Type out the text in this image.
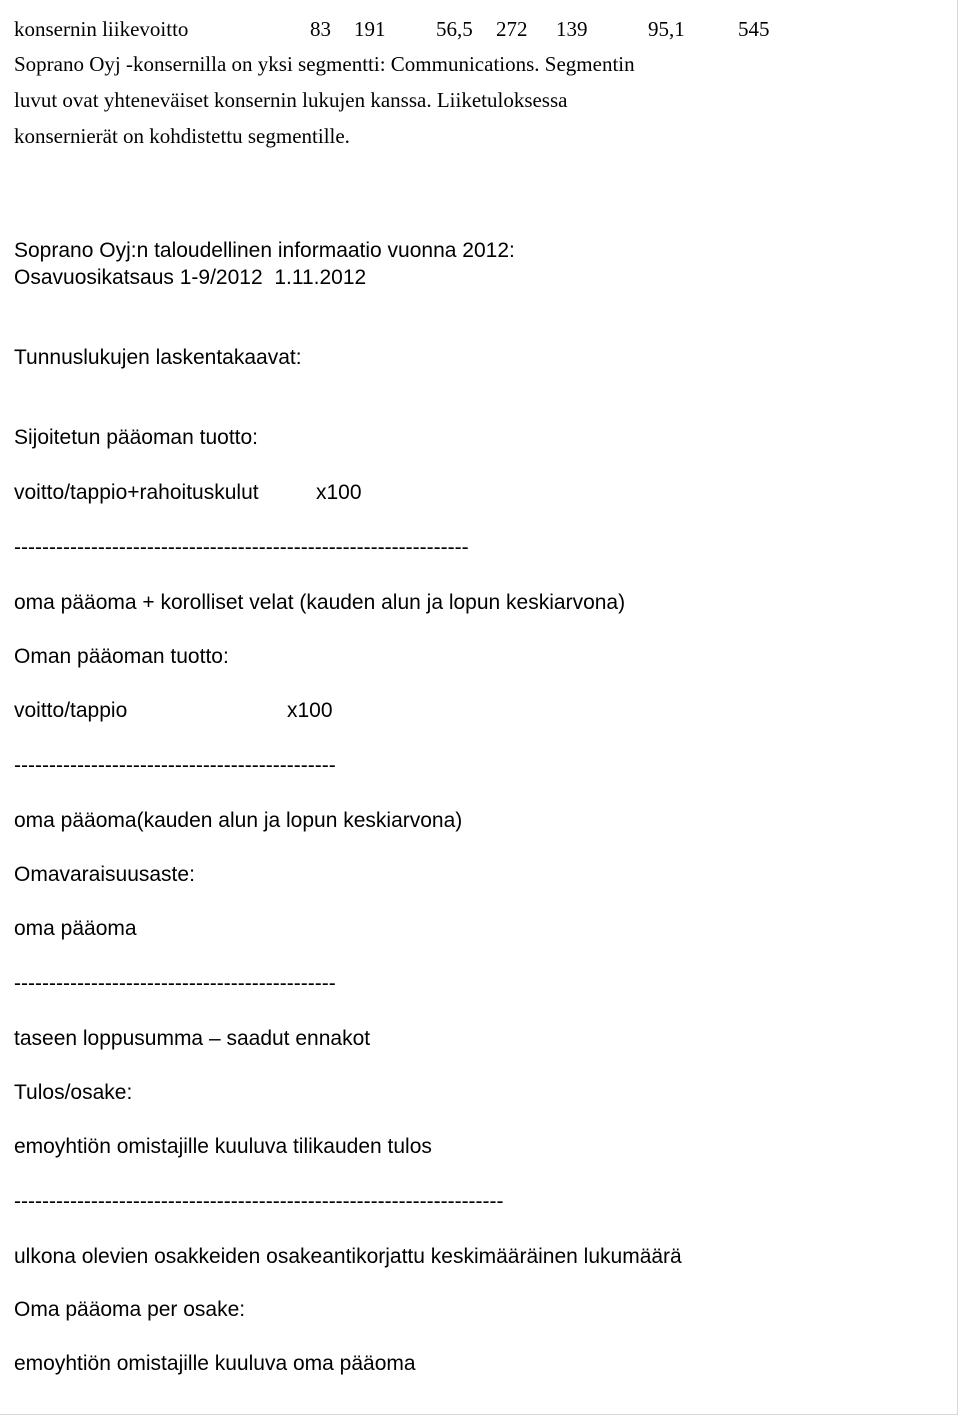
konsernin liikevoitto	83 191 56,5 272 139	95,1	545
Soprano Oyj -konsernilla on yksi segmentti: Communications. Segmentin
luvut ovat yhteneväiset konsernin lukujen kanssa. Liiketuloksessa
konsernierät on kohdistettu segmentille.
Soprano Oyj:n taloudellinen informaatio vuonna 2012:
Osavuosikatsaus 1-9/2012  1.11.2012
Tunnuslukujen laskentakaavat:
Sijoitetun pääoman tuotto:
voitto/tappio+rahoituskulut	x100
-----------------------------------------------------------------
oma pääoma + korolliset velat (kauden alun ja lopun keskiarvona)
Oman pääoman tuotto:
voitto/tappio	x100
----------------------------------------------
oma pääoma(kauden alun ja lopun keskiarvona)
Omavaraisuusaste:
oma pääoma
----------------------------------------------
taseen loppusumma – saadut ennakot
Tulos/osake:
emoyhtiön omistajille kuuluva tilikauden tulos
----------------------------------------------------------------------
ulkona olevien osakkeiden osakeantikorjattu keskimääräinen lukumäärä
Oma pääoma per osake:
emoyhtiön omistajille kuuluva oma pääoma
